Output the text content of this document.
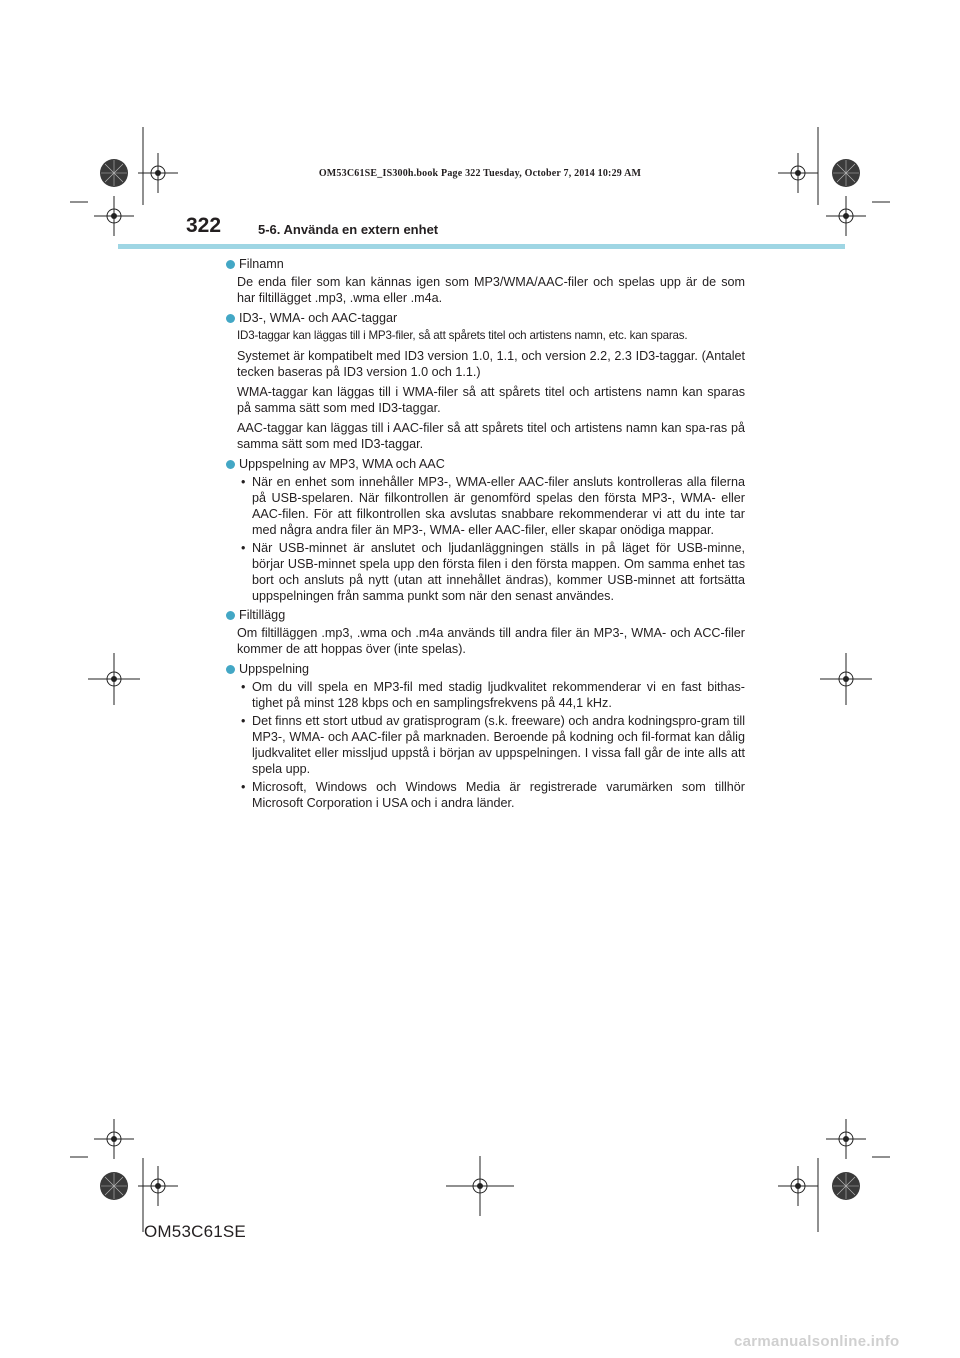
OM53C61SE_IS300h.book Page 322 Tuesday, October 7, 2014 10:29 AM
322	5-6. Använda en extern enhet
Filnamn

De enda filer som kan kännas igen som MP3/WMA/AAC-filer och spelas upp är de som har filtillägget .mp3, .wma eller .m4a.

ID3-, WMA- och AAC-taggar

ID3-taggar kan läggas till i MP3-filer, så att spårets titel och artistens namn, etc. kan sparas.

Systemet är kompatibelt med ID3 version 1.0, 1.1, och version 2.2, 2.3 ID3-taggar. (Antalet tecken baseras på ID3 version 1.0 och 1.1.)

WMA-taggar kan läggas till i WMA-filer så att spårets titel och artistens namn kan sparas på samma sätt som med ID3-taggar.

AAC-taggar kan läggas till i AAC-filer så att spårets titel och artistens namn kan spa-ras på samma sätt som med ID3-taggar.

Uppspelning av MP3, WMA och AAC
• När en enhet som innehåller MP3-, WMA-eller AAC-filer ansluts kontrolleras alla filerna på USB-spelaren. När filkontrollen är genomförd spelas den första MP3-, WMA- eller AAC-filen. För att filkontrollen ska avslutas snabbare rekommenderar vi att du inte tar med några andra filer än MP3-, WMA- eller AAC-filer, eller skapar onödiga mappar.
• När USB-minnet är anslutet och ljudanläggningen ställs in på läget för USB-minne, börjar USB-minnet spela upp den första filen i den första mappen. Om samma enhet tas bort och ansluts på nytt (utan att innehållet ändras), kommer USB-minnet att fortsätta uppspelningen från samma punkt som när den senast användes.
Filtillägg

Om filtilläggen .mp3, .wma och .m4a används till andra filer än MP3-, WMA- och ACC-filer kommer de att hoppas över (inte spelas).

Uppspelning
• Om du vill spela en MP3-fil med stadig ljudkvalitet rekommenderar vi en fast bithas-tighet på minst 128 kbps och en samplingsfrekvens på 44,1 kHz.
• Det finns ett stort utbud av gratisprogram (s.k. freeware) och andra kodningspro-gram till MP3-, WMA- och AAC-filer på marknaden. Beroende på kodning och fil-format kan dålig ljudkvalitet eller missljud uppstå i början av uppspelningen. I vissa fall går de inte alls att spela upp.
• Microsoft, Windows och Windows Media är registrerade varumärken som tillhör Microsoft Corporation i USA och i andra länder.
OM53C61SE
carmanualsonline.info
